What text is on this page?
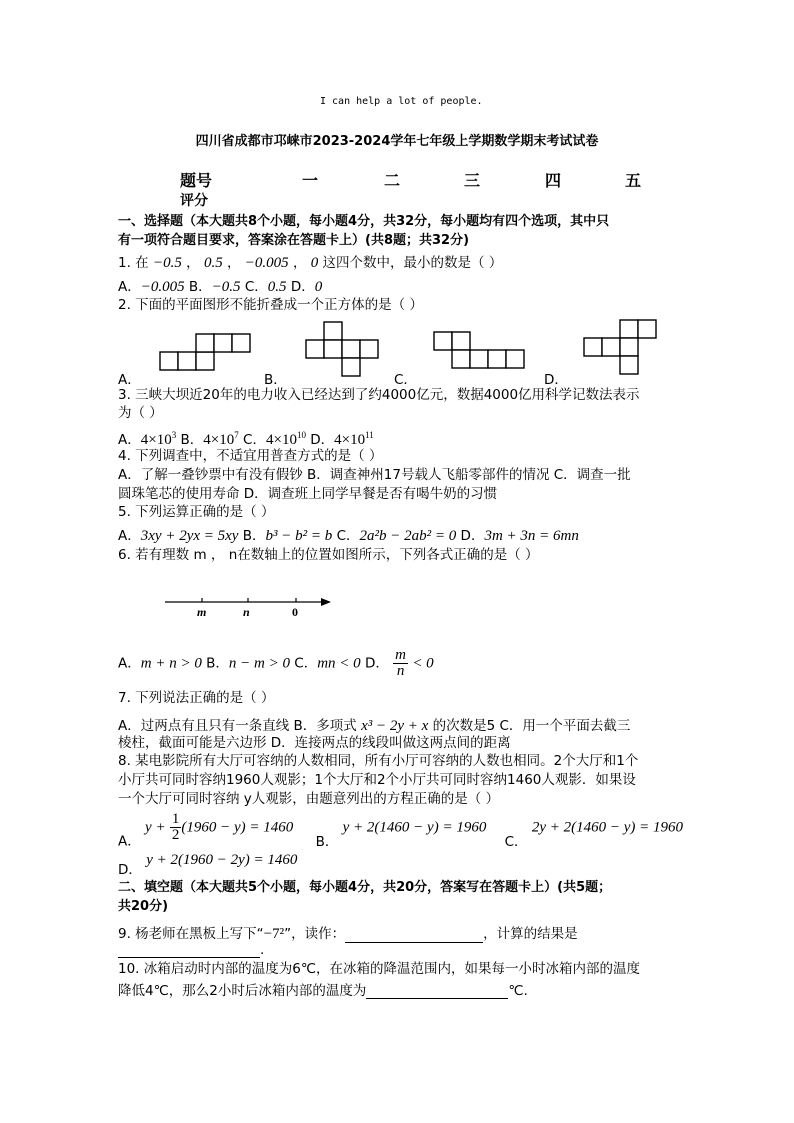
I can help a lot of people.
四川省成都市邛崃市2023-2024学年七年级上学期数学期末考试试卷
题号	一	二	三	四	五
评分
一、选择题（本大题共8个小题，每小题4分，共32分，每小题均有四个选项，其中只
有一项符合题目要求，答案涂在答题卡上）(共8题；共32分)
1. 在 −0.5 ， 0.5 ， −0.005 ， 0 这四个数中，最小的数是（ ）
A．−0.005 B．−0.5 C．0.5 D．0
2. 下面的平面图形不能折叠成一个正方体的是（ ）
A．	B．	C．	D．
3. 三峡大坝近20年的电力收入已经达到了约4000亿元，数据4000亿用科学记数法表示
为（ ）
A．$4\times 10^3$ B．$4\times 10^7$ C．$4\times 10^{10}$ D．$4\times 10^{11}$
4. 下列调查中，不适宜用普查方式的是（ ）
A．了解一叠钞票中有没有假钞 B．调查神州17号载人飞船零部件的情况 C．调查一批
圆珠笔芯的使用寿命 D．调查班上同学早餐是否有喝牛奶的习惯
5. 下列运算正确的是（ ）
A．3xy + 2yx = 5xy B．b³ − b² = b C．2a²b − 2ab² = 0 D．3m + 3n = 6mn
6. 若有理数 m ， n在数轴上的位置如图所示，下列各式正确的是（ ）
m	n	0
A．m + n > 0 B．n − m > 0 C．mn < 0 D． $\frac{m}{n} < 0$
7. 下列说法正确的是（ ）
A．过两点有且只有一条直线 B．多项式 x³ − 2y + x 的次数是5 C．用一个平面去截三
棱柱，截面可能是六边形 D．连接两点的线段叫做这两点间的距离
8. 某电影院所有大厅可容纳的人数相同，所有小厅可容纳的人数也相同。2个大厅和1个
小厅共可同时容纳1960人观影；1个大厅和2个小厅共可同时容纳1460人观影．如果设
一个大厅可同时容纳 y人观影，由题意列出的方程正确的是（ ）
A． $y + \frac{1}{2} (1960 - y) = 1460$ B． y + 2(1460 − y) = 1960 C． 2y + 2(1460 − y) = 1960
D． y + 2(1960 − 2y) = 1460
二、填空题（本大题共5个小题，每小题4分，共20分，答案写在答题卡上）(共5题；
共20分)
9. 杨老师在黑板上写下“−7²”，读作：	，计算的结果是
.
10. 冰箱启动时内部的温度为6℃，在冰箱的降温范围内，如果每一小时冰箱内部的温度
降低4℃，那么2小时后冰箱内部的温度为	℃.
